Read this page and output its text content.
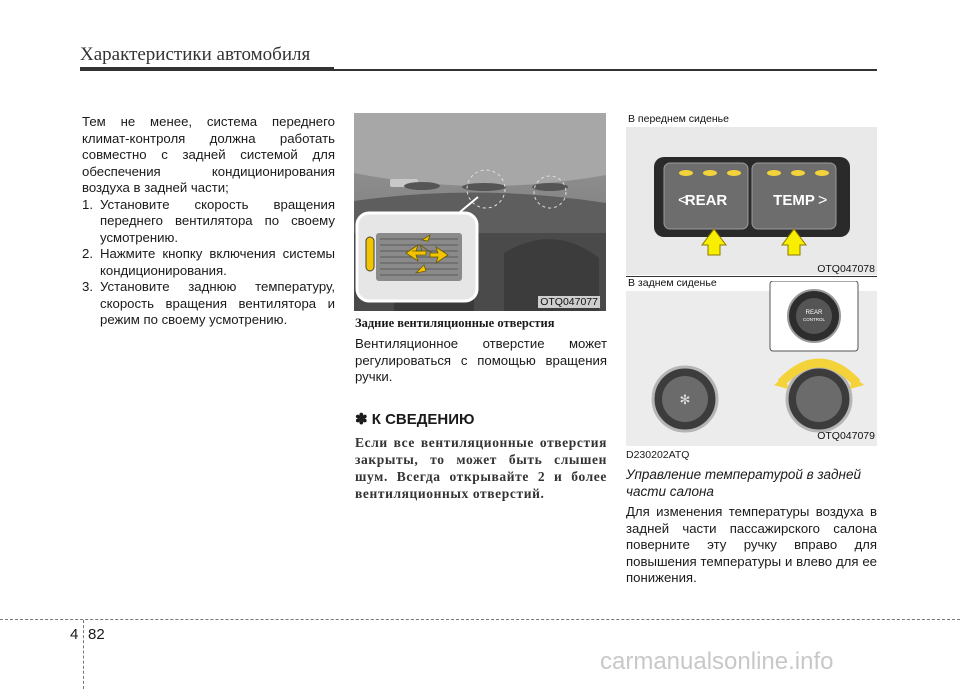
Характеристики автомобиля

Тем не менее, система переднего климат-контроля должна работать совместно с задней системой для обеспечения кондиционирования воздуха в задней части;

1. Установите скорость вращения переднего вентилятора по своему усмотрению.
2. Нажмите кнопку включения системы кондиционирования.
3. Установите заднюю температуру, скорость вращения вентилятора и режим по своему усмотрению.
OTQ047077
Задние вентиляционные отверстия
Вентиляционное отверстие может регулироваться с помощью вращения ручки.
✽ К СВЕДЕНИЮ
Если все вентиляционные отверстия закрыты, то может быть слышен шум. Всегда открывайте 2 и более вентиляционных отверстий.
В переднем сиденье
REAR	TEMP
<	>
OTQ047078
В заднем сиденье
REAR
CONTROL
✻
OTQ047079
D230202ATQ
Управление температурой в задней части салона
Для изменения температуры воздуха в задней части пассажирского салона поверните эту ручку вправо для повышения температуры и влево для ее понижения.
4 82
carmanualsonline.info
